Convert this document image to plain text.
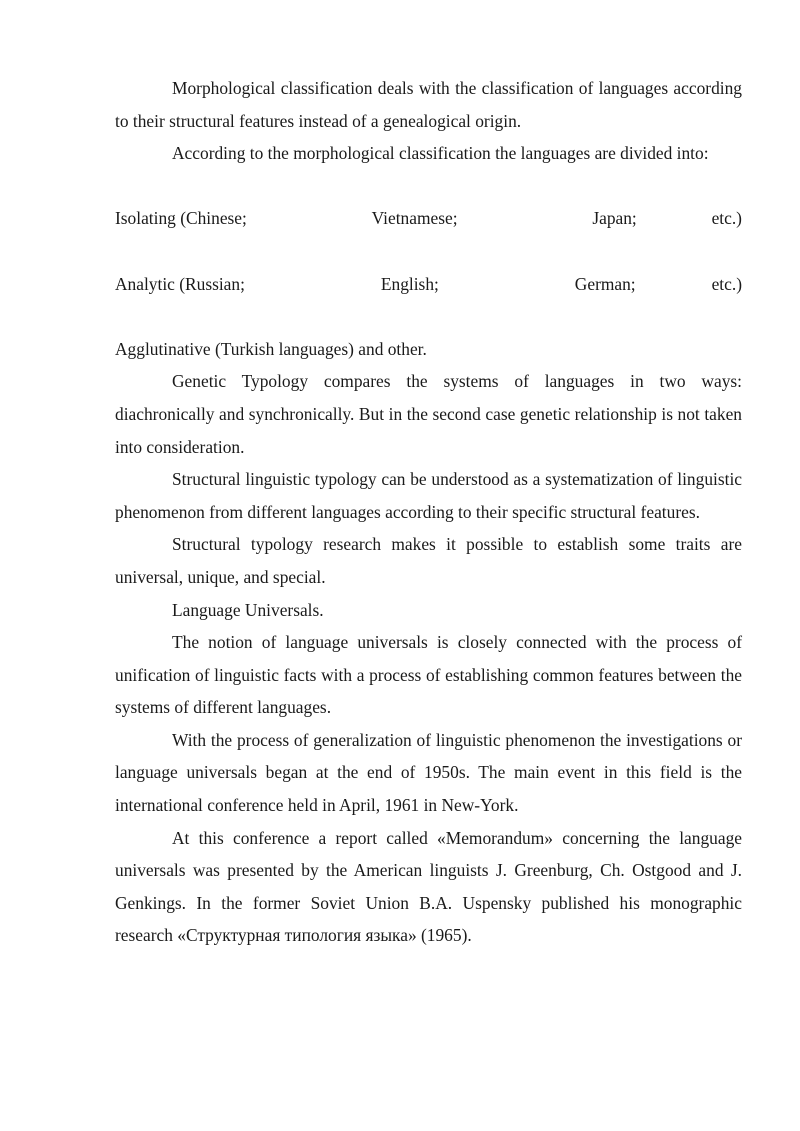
Morphological classification deals with the classification of languages according to their structural features instead of a genealogical origin.

According to the morphological classification the languages are divided into:

Isolating (Chinese;	Vietnamese;	Japan;	etc.)
Analytic (Russian;	English;	German;	etc.)

Agglutinative (Turkish languages) and other.

Genetic Typology compares the systems of languages in two ways: diachronically and synchronically. But in the second case genetic relationship is not taken into consideration.

Structural linguistic typology can be understood as a systematization of linguistic phenomenon from different languages according to their specific structural features.

Structural typology research makes it possible to establish some traits are universal, unique, and special.

Language Universals.

The notion of language universals is closely connected with the process of unification of linguistic facts with a process of establishing common features between the systems of different languages.

With the process of generalization of linguistic phenomenon the investigations or language universals began at the end of 1950s. The main event in this field is the international conference held in April, 1961 in New-York.

At this conference a report called «Memorandum» concerning the language universals was presented by the American linguists J. Greenburg, Ch. Ostgood and J. Genkings. In the former Soviet Union B.A. Uspensky published his monographic research «Структурная типология языка» (1965).
